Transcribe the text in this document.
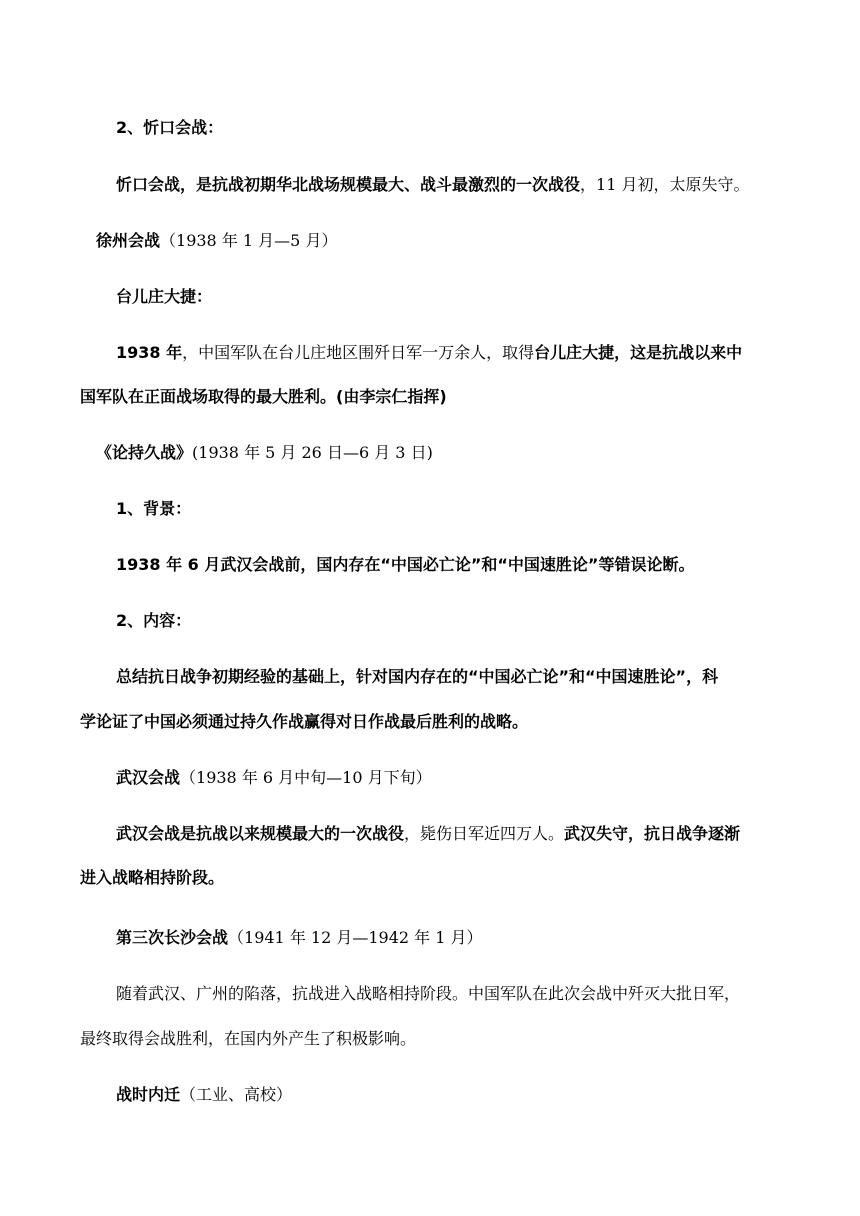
2、忻口会战：
忻口会战，是抗战初期华北战场规模最大、战斗最激烈的一次战役，11 月初，太原失守。
徐州会战（1938 年 1 月—5 月）
台儿庄大捷：
1938 年，中国军队在台儿庄地区围歼日军一万余人，取得台儿庄大捷，这是抗战以来中
国军队在正面战场取得的最大胜利。(由李宗仁指挥)
《论持久战》(1938 年 5 月 26 日—6 月 3 日)
1、背景：
1938 年 6 月武汉会战前，国内存在“中国必亡论”和“中国速胜论”等错误论断。
2、内容：
总结抗日战争初期经验的基础上，针对国内存在的“中国必亡论”和“中国速胜论”，科
学论证了中国必须通过持久作战赢得对日作战最后胜利的战略。
武汉会战（1938 年 6 月中旬—10 月下旬）
武汉会战是抗战以来规模最大的一次战役，毙伤日军近四万人。武汉失守，抗日战争逐渐
进入战略相持阶段。
第三次长沙会战（1941 年 12 月—1942 年 1 月）
随着武汉、广州的陷落，抗战进入战略相持阶段。中国军队在此次会战中歼灭大批日军，
最终取得会战胜利，在国内外产生了积极影响。
战时内迁（工业、高校）
